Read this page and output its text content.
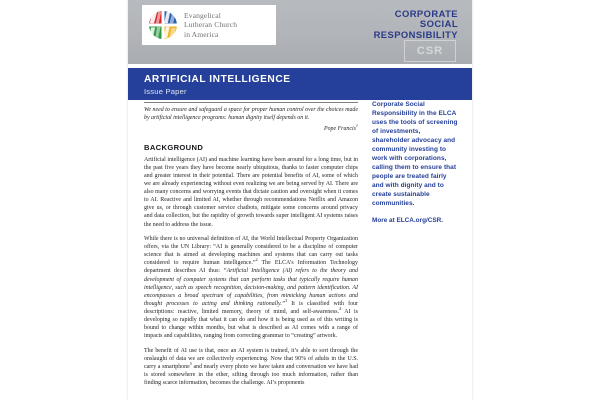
Evangelical
Lutheran Church
in America
CORPORATE
SOCIAL
RESPONSIBILITY
CSR
ARTIFICIAL INTELLIGENCE
Issue Paper
We need to ensure and safeguard a space for proper human control over the choices made by artificial intelligence programs: human dignity itself depends on it.
Pope Francis$^1$
BACKGROUND

Artificial intelligence (AI) and machine learning have been around for a long time, but in the past five years they have become nearly ubiquitous, thanks to faster computer chips and greater interest in their potential. There are potential benefits of AI, some of which we are already experiencing without even realizing we are being served by AI. There are also many concerns and worrying events that dictate caution and oversight when it comes to AI. Reactive and limited AI, whether through recommendations Netflix and Amazon give us, or through customer service chatbots, mitigate some concerns around privacy and data collection, but the rapidity of growth towards super intelligent AI systems raises the need to address the issue.

While there is no universal definition of AI, the World Intellectual Property Organization offers, via the UN Library: “AI is generally considered to be a discipline of computer science that is aimed at developing machines and systems that can carry out tasks considered to require human intelligence.”$^2$ The ELCA’s Information Technology department describes AI thus: “Artificial Intelligence (AI) refers to the theory and development of computer systems that can perform tasks that typically require human intelligence, such as speech recognition, decision-making, and pattern identification. AI encompasses a broad spectrum of capabilities, from mimicking human actions and thought processes to acting and thinking rationally.”$^3$ It is classified with four descriptions: reactive, limited memory, theory of mind, and self-awareness.$^4$ AI is developing so rapidly that what it can do and how it is being used as of this writing is bound to change within months, but what is described as AI comes with a range of impacts and capabilities, ranging from correcting grammar to “creating” artwork.

The benefit of AI use is that, once an AI system is trained, it’s able to sort through the onslaught of data we are collectively experiencing. Now that 90% of adults in the U.S. carry a smartphone$^5$ and nearly every photo we have taken and conversation we have had is stored somewhere in the ether, sifting through too much information, rather than finding scarce information, becomes the challenge. AI’s proponents

Corporate Social Responsibility in the ELCA uses the tools of screening of investments, shareholder advocacy and community investing to work with corporations, calling them to ensure that people are treated fairly and with dignity and to create sustainable communities.
More at ELCA.org/CSR.
